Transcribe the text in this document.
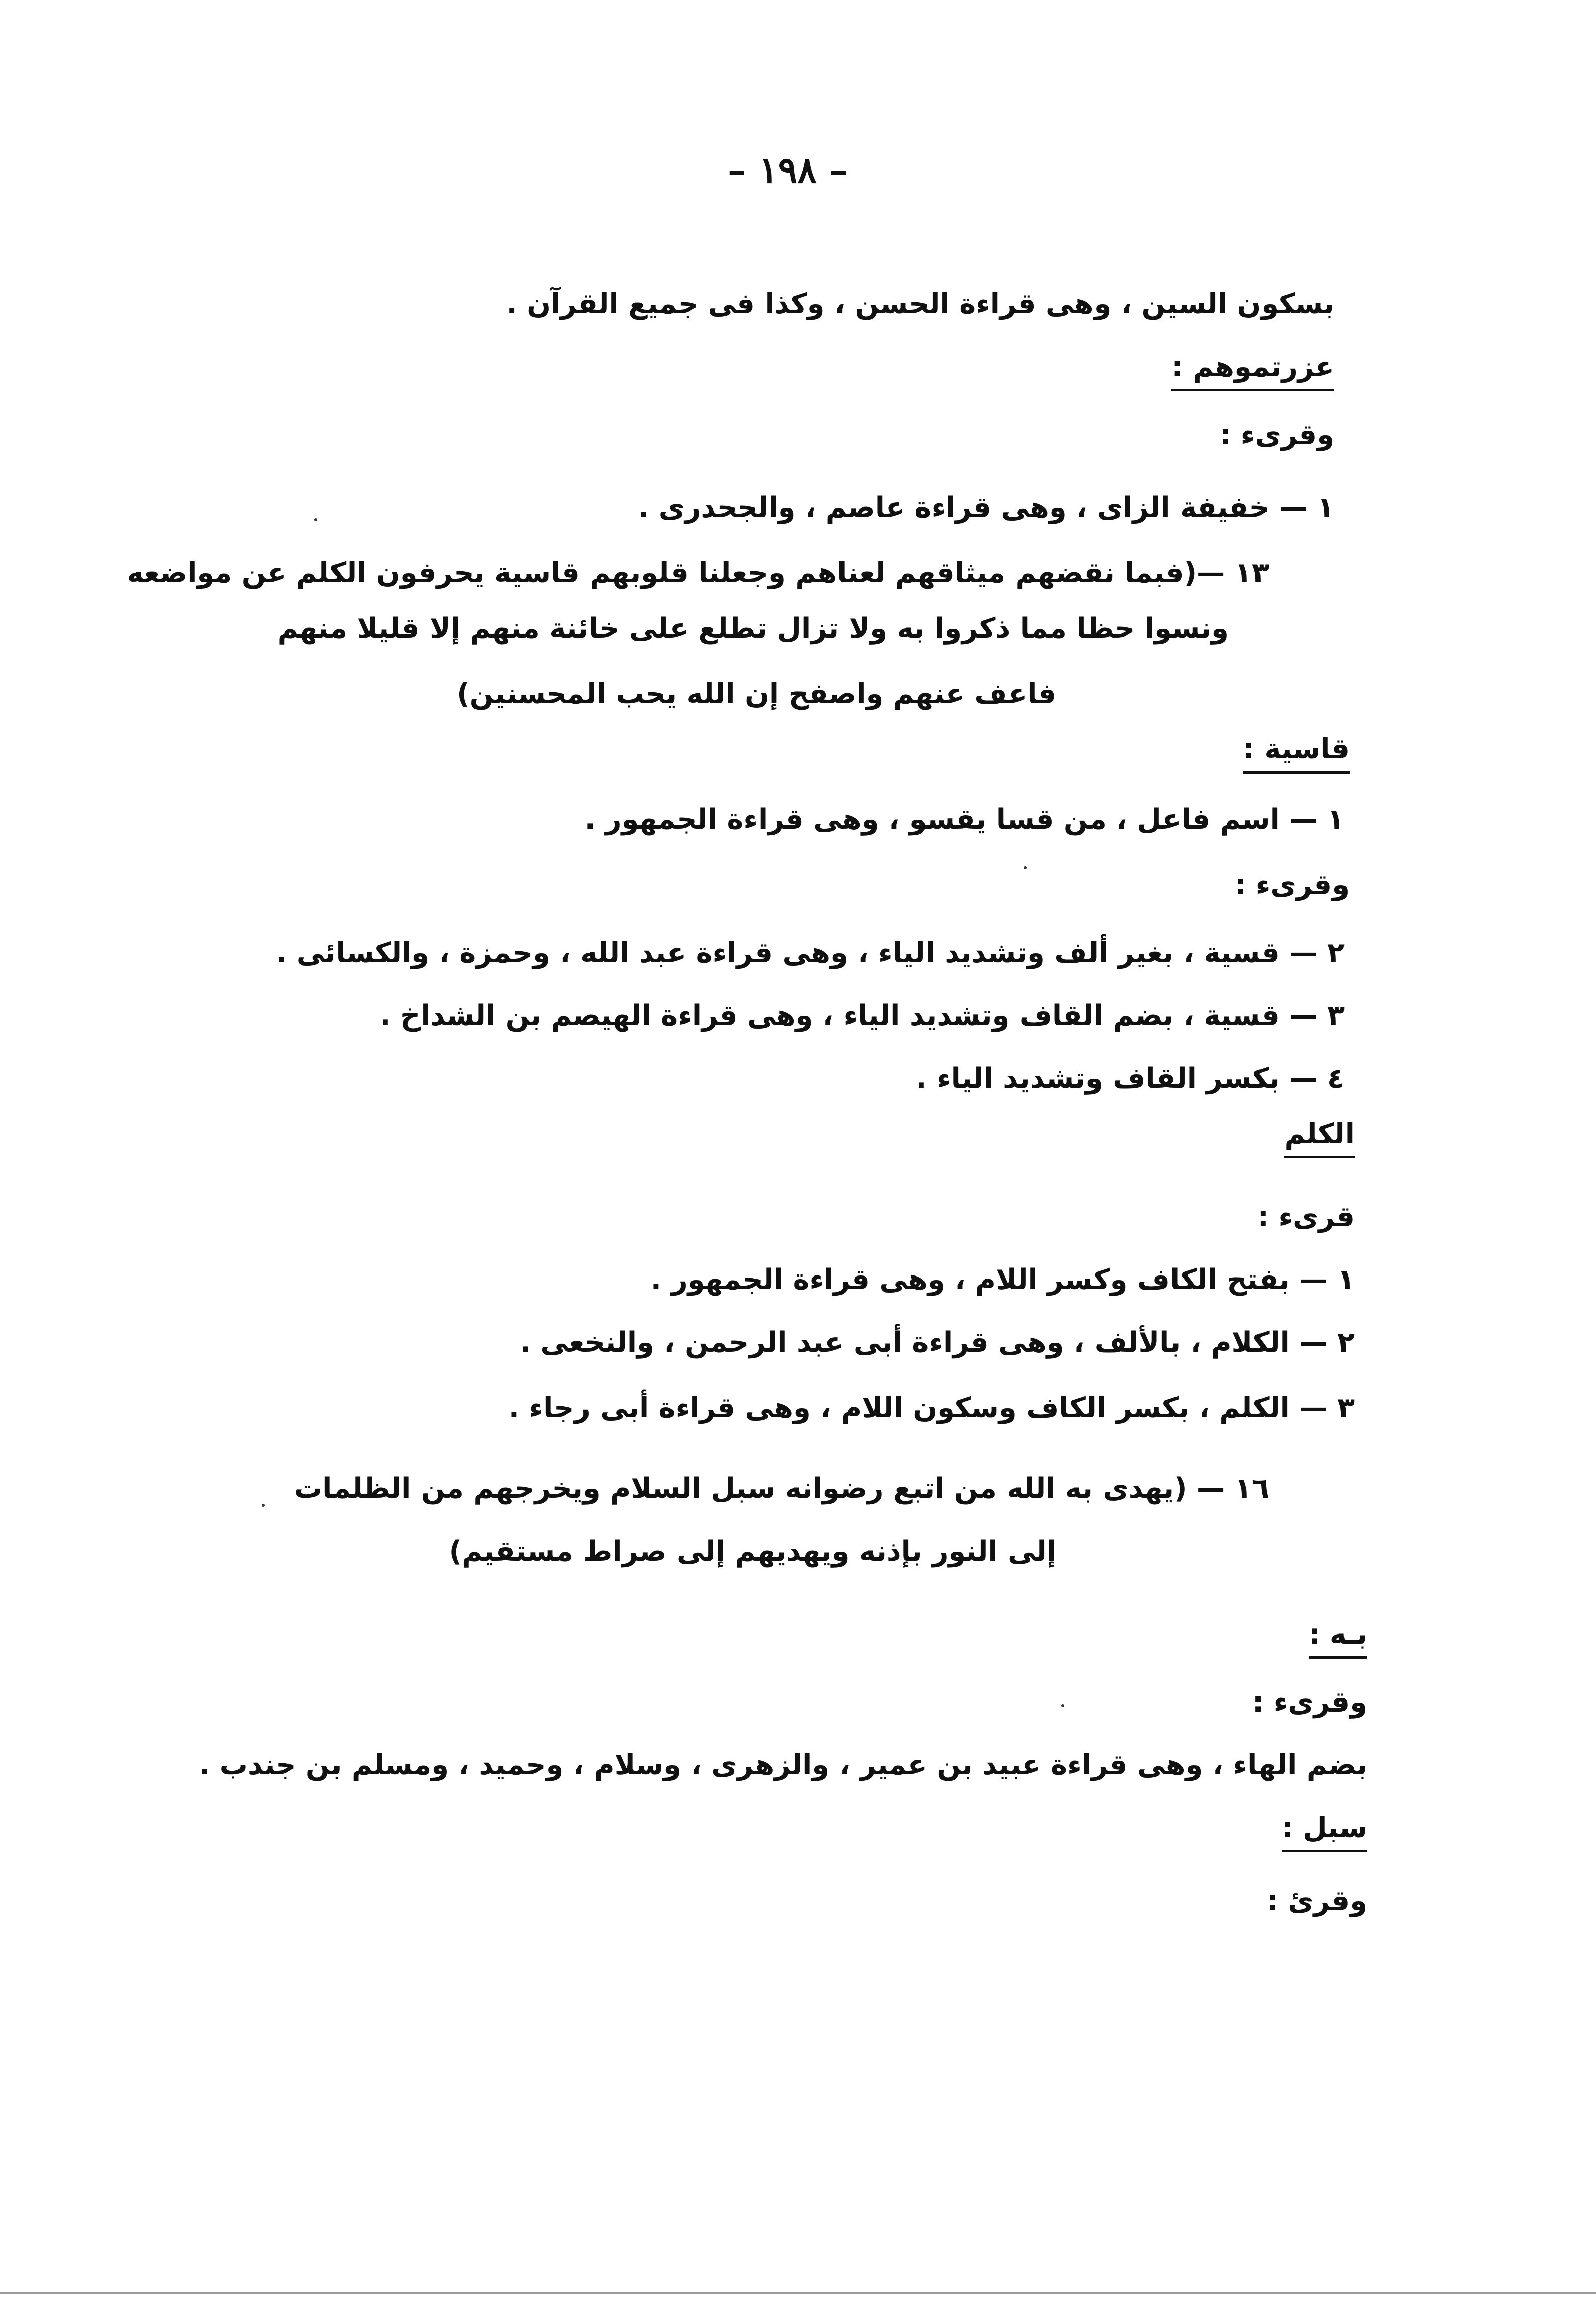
– ١٩٨ –
بسكون السين ، وهى قراءة الحسن ، وكذا فى جميع القرآن .
عزرتموهم :
وقرىء :
١ — خفيفة الزاى ، وهى قراءة عاصم ، والجحدرى .
١٣ —(فبما نقضهم ميثاقهم لعناهم وجعلنا قلوبهم قاسية يحرفون الكلم عن مواضعه
ونسوا حظا مما ذكروا به ولا تزال تطلع على خائنة منهم إلا قليلا منهم
فاعف عنهم واصفح إن الله يحب المحسنين)
قاسية :
١ — اسم فاعل ، من قسا يقسو ، وهى قراءة الجمهور .
وقرىء :
٢ — قسية ، بغير ألف وتشديد الياء ، وهى قراءة عبد الله ، وحمزة ، والكسائى .
٣ — قسية ، بضم القاف وتشديد الياء ، وهى قراءة الهيصم بن الشداخ .
٤ — بكسر القاف وتشديد الياء .
الكلم
قرىء :
١ — بفتح الكاف وكسر اللام ، وهى قراءة الجمهور .
٢ — الكلام ، بالألف ، وهى قراءة أبى عبد الرحمن ، والنخعى .
٣ — الكلم ، بكسر الكاف وسكون اللام ، وهى قراءة أبى رجاء .
١٦ — (يهدى به الله من اتبع رضوانه سبل السلام ويخرجهم من الظلمات
إلى النور بإذنه ويهديهم إلى صراط مستقيم)
بـه :
وقرىء :
بضم الهاء ، وهى قراءة عبيد بن عمير ، والزهرى ، وسلام ، وحميد ، ومسلم بن جندب .
سبل :
وقرئ :
